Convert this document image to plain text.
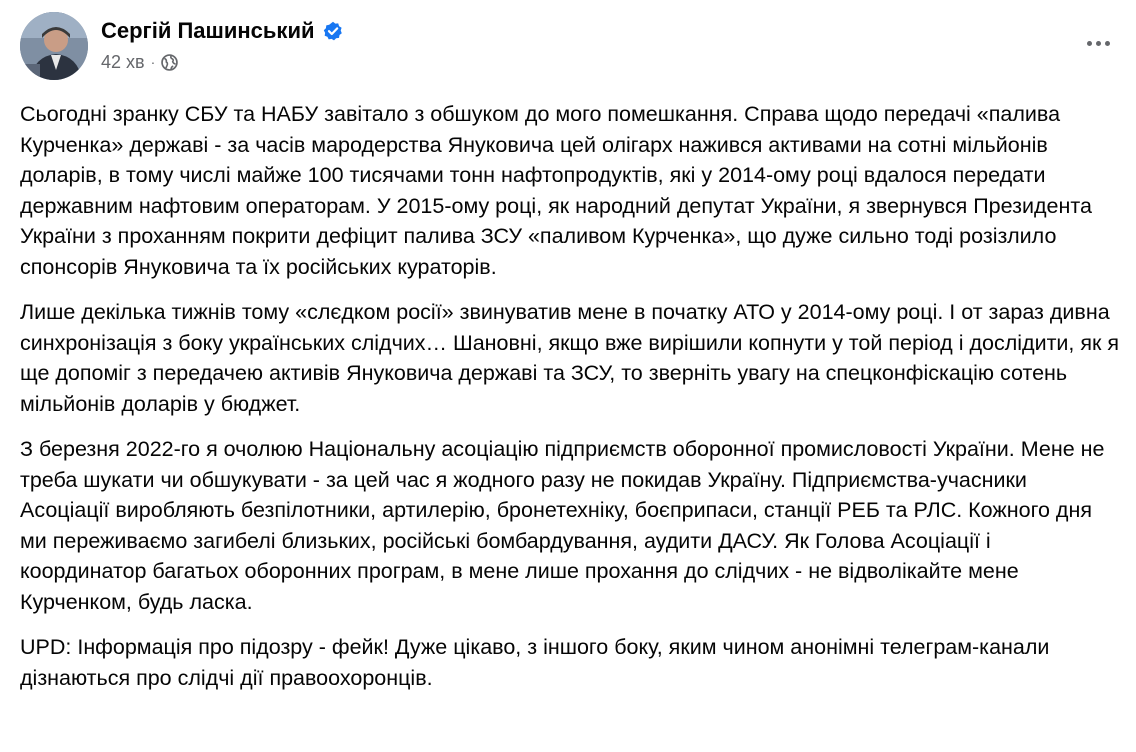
Сергій Пашинський
42 хв ·

Сьогодні зранку СБУ та НАБУ завітало з обшуком до мого помешкання. Справа щодо передачі «палива Курченка» державі - за часів мародерства Януковича цей олігарх нажився активами на сотні мільйонів доларів, в тому числі майже 100 тисячами тонн нафтопродуктів, які у 2014-ому році вдалося передати державним нафтовим операторам. У 2015-ому році, як народний депутат України, я звернувся Президента України з проханням покрити дефіцит палива ЗСУ «паливом Курченка», що дуже сильно тоді розізлило спонсорів Януковича та їх російських кураторів.

Лише декілька тижнів тому «слєдком росії» звинуватив мене в початку АТО у 2014-ому році. І от зараз дивна синхронізація з боку українських слідчих… Шановні, якщо вже вирішили копнути у той період і дослідити, як я ще допоміг з передачею активів Януковича державі та ЗСУ, то зверніть увагу на спецконфіскацію сотень мільйонів доларів у бюджет.

З березня 2022-го я очолюю Національну асоціацію підприємств оборонної промисловості України. Мене не треба шукати чи обшукувати - за цей час я жодного разу не покидав Україну. Підприємства-учасники Асоціації виробляють безпілотники, артилерію, бронетехніку, боєприпаси, станції РЕБ та РЛС. Кожного дня ми переживаємо загибелі близьких, російські бомбардування, аудити ДАСУ. Як Голова Асоціації і координатор багатьох оборонних програм, в мене лише прохання до слідчих - не відволікайте мене Курченком, будь ласка.

UPD: Інформація про підозру - фейк! Дуже цікаво, з іншого боку, яким чином анонімні телеграм-канали дізнаються про слідчі дії правоохоронців.
